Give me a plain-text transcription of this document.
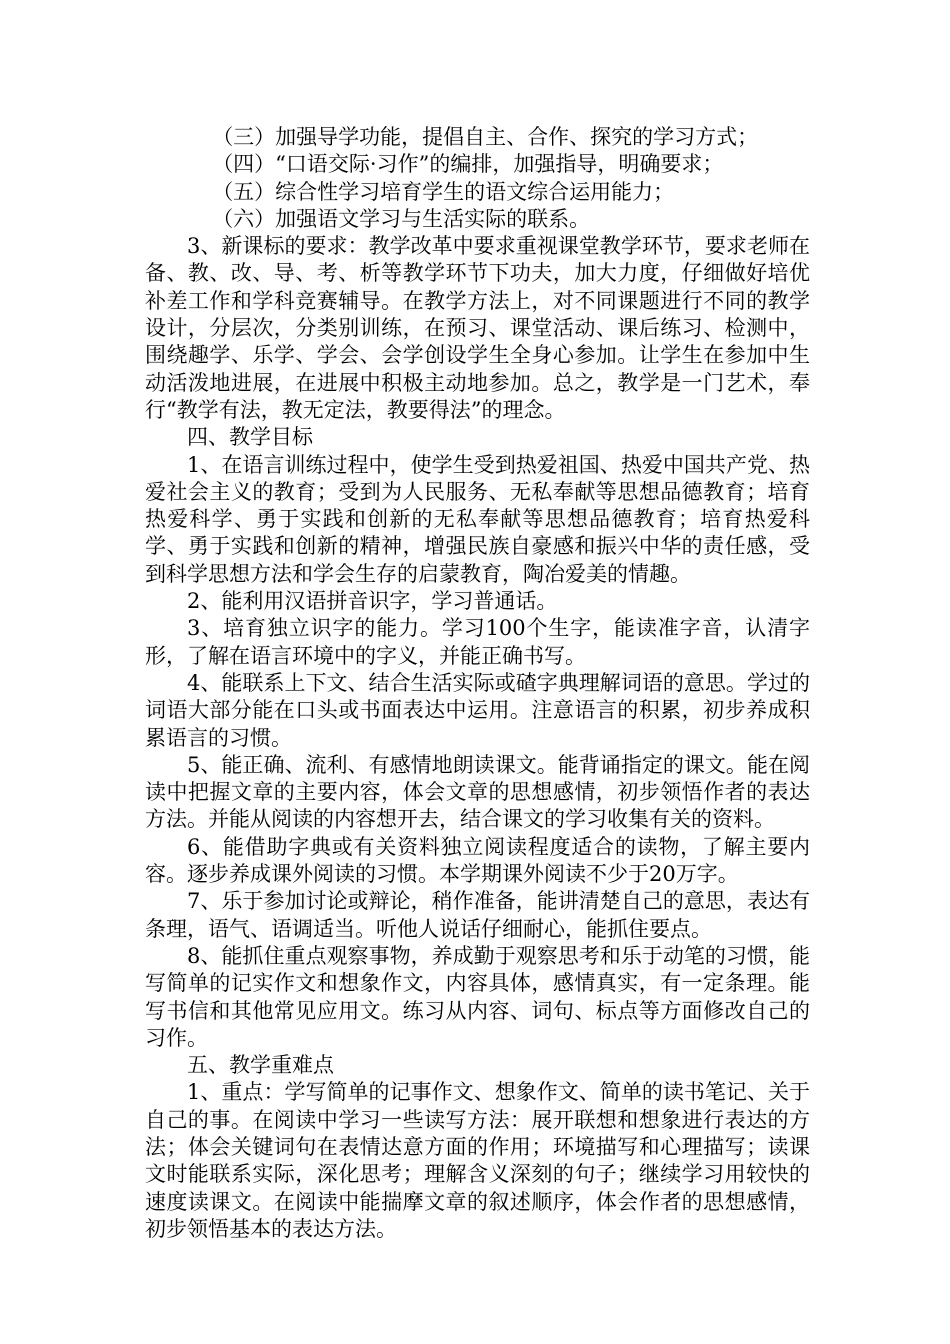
（三）加强导学功能，提倡自主、合作、探究的学习方式；

（四）“口语交际·习作”的编排，加强指导，明确要求；

（五）综合性学习培育学生的语文综合运用能力；

（六）加强语文学习与生活实际的联系。

3、新课标的要求：教学改革中要求重视课堂教学环节，要求老师在备、教、改、导、考、析等教学环节下功夫，加大力度，仔细做好培优补差工作和学科竞赛辅导。在教学方法上，对不同课题进行不同的教学设计，分层次，分类别训练，在预习、课堂活动、课后练习、检测中，围绕趣学、乐学、学会、会学创设学生全身心参加。让学生在参加中生动活泼地进展，在进展中积极主动地参加。总之，教学是一门艺术，奉行“教学有法，教无定法，教要得法”的理念。

四、教学目标

1、在语言训练过程中，使学生受到热爱祖国、热爱中国共产党、热爱社会主义的教育；受到为人民服务、无私奉献等思想品德教育；培育热爱科学、勇于实践和创新的无私奉献等思想品德教育；培育热爱科学、勇于实践和创新的精神，增强民族自豪感和振兴中华的责任感，受到科学思想方法和学会生存的启蒙教育，陶冶爱美的情趣。

2、能利用汉语拼音识字，学习普通话。

3、培育独立识字的能力。学习100个生字，能读准字音，认清字形，了解在语言环境中的字义，并能正确书写。

4、能联系上下文、结合生活实际或碴字典理解词语的意思。学过的词语大部分能在口头或书面表达中运用。注意语言的积累，初步养成积累语言的习惯。

5、能正确、流利、有感情地朗读课文。能背诵指定的课文。能在阅读中把握文章的主要内容，体会文章的思想感情，初步领悟作者的表达方法。并能从阅读的内容想开去，结合课文的学习收集有关的资料。

6、能借助字典或有关资料独立阅读程度适合的读物，了解主要内容。逐步养成课外阅读的习惯。本学期课外阅读不少于20万字。

7、乐于参加讨论或辩论，稍作准备，能讲清楚自己的意思，表达有条理，语气、语调适当。听他人说话仔细耐心，能抓住要点。

8、能抓住重点观察事物，养成勤于观察思考和乐于动笔的习惯，能写简单的记实作文和想象作文，内容具体，感情真实，有一定条理。能写书信和其他常见应用文。练习从内容、词句、标点等方面修改自己的习作。

五、教学重难点

1、重点：学写简单的记事作文、想象作文、简单的读书笔记、关于自己的事。在阅读中学习一些读写方法：展开联想和想象进行表达的方法；体会关键词句在表情达意方面的作用；环境描写和心理描写；读课文时能联系实际，深化思考；理解含义深刻的句子；继续学习用较快的速度读课文。在阅读中能揣摩文章的叙述顺序，体会作者的思想感情，初步领悟基本的表达方法。
